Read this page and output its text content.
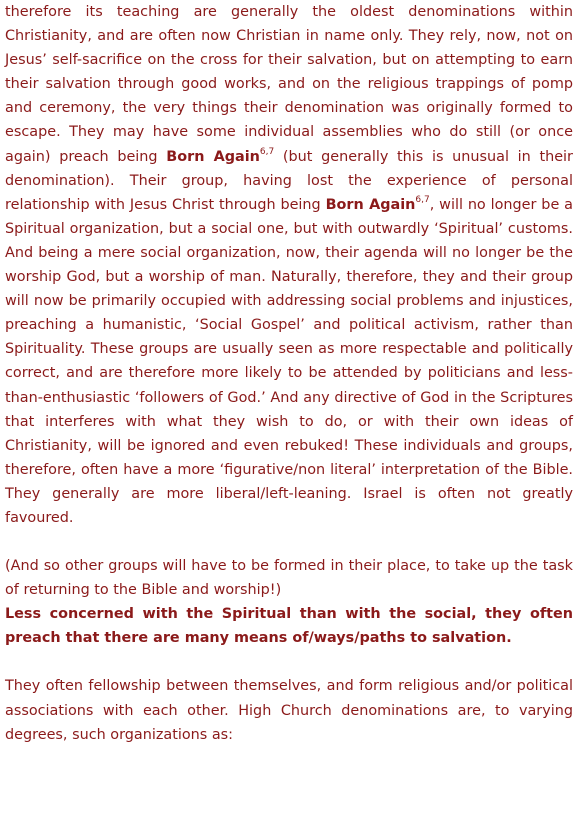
therefore its teaching are generally the oldest denominations within Christianity, and are often now Christian in name only. They rely, now, not on Jesus’ self-sacrifice on the cross for their salvation, but on attempting to earn their salvation through good works, and on the religious trappings of pomp and ceremony, the very things their denomination was originally formed to escape. They may have some individual assemblies who do still (or once again) preach being Born Again$^{6,7}$ (but generally this is unusual in their denomination). Their group, having lost the experience of personal relationship with Jesus Christ through being Born Again$^{6,7}$, will no longer be a Spiritual organization, but a social one, but with outwardly ‘Spiritual’ customs. And being a mere social organization, now, their agenda will no longer be the worship God, but a worship of man. Naturally, therefore, they and their group will now be primarily occupied with addressing social problems and injustices, preaching a humanistic, ‘Social Gospel’ and political activism, rather than Spirituality. These groups are usually seen as more respectable and politically correct, and are therefore more likely to be attended by politicians and less-than-enthusiastic ‘followers of God.’ And any directive of God in the Scriptures that interferes with what they wish to do, or with their own ideas of Christianity, will be ignored and even rebuked! These individuals and groups, therefore, often have a more ‘figurative/non literal’ interpretation of the Bible. They generally are more liberal/left-leaning. Israel is often not greatly favoured.

(And so other groups will have to be formed in their place, to take up the task of returning to the Bible and worship!)

Less concerned with the Spiritual than with the social, they often preach that there are many means of/ways/paths to salvation.

They often fellowship between themselves, and form religious and/or political associations with each other. High Church denominations are, to varying degrees, such organizations as:
